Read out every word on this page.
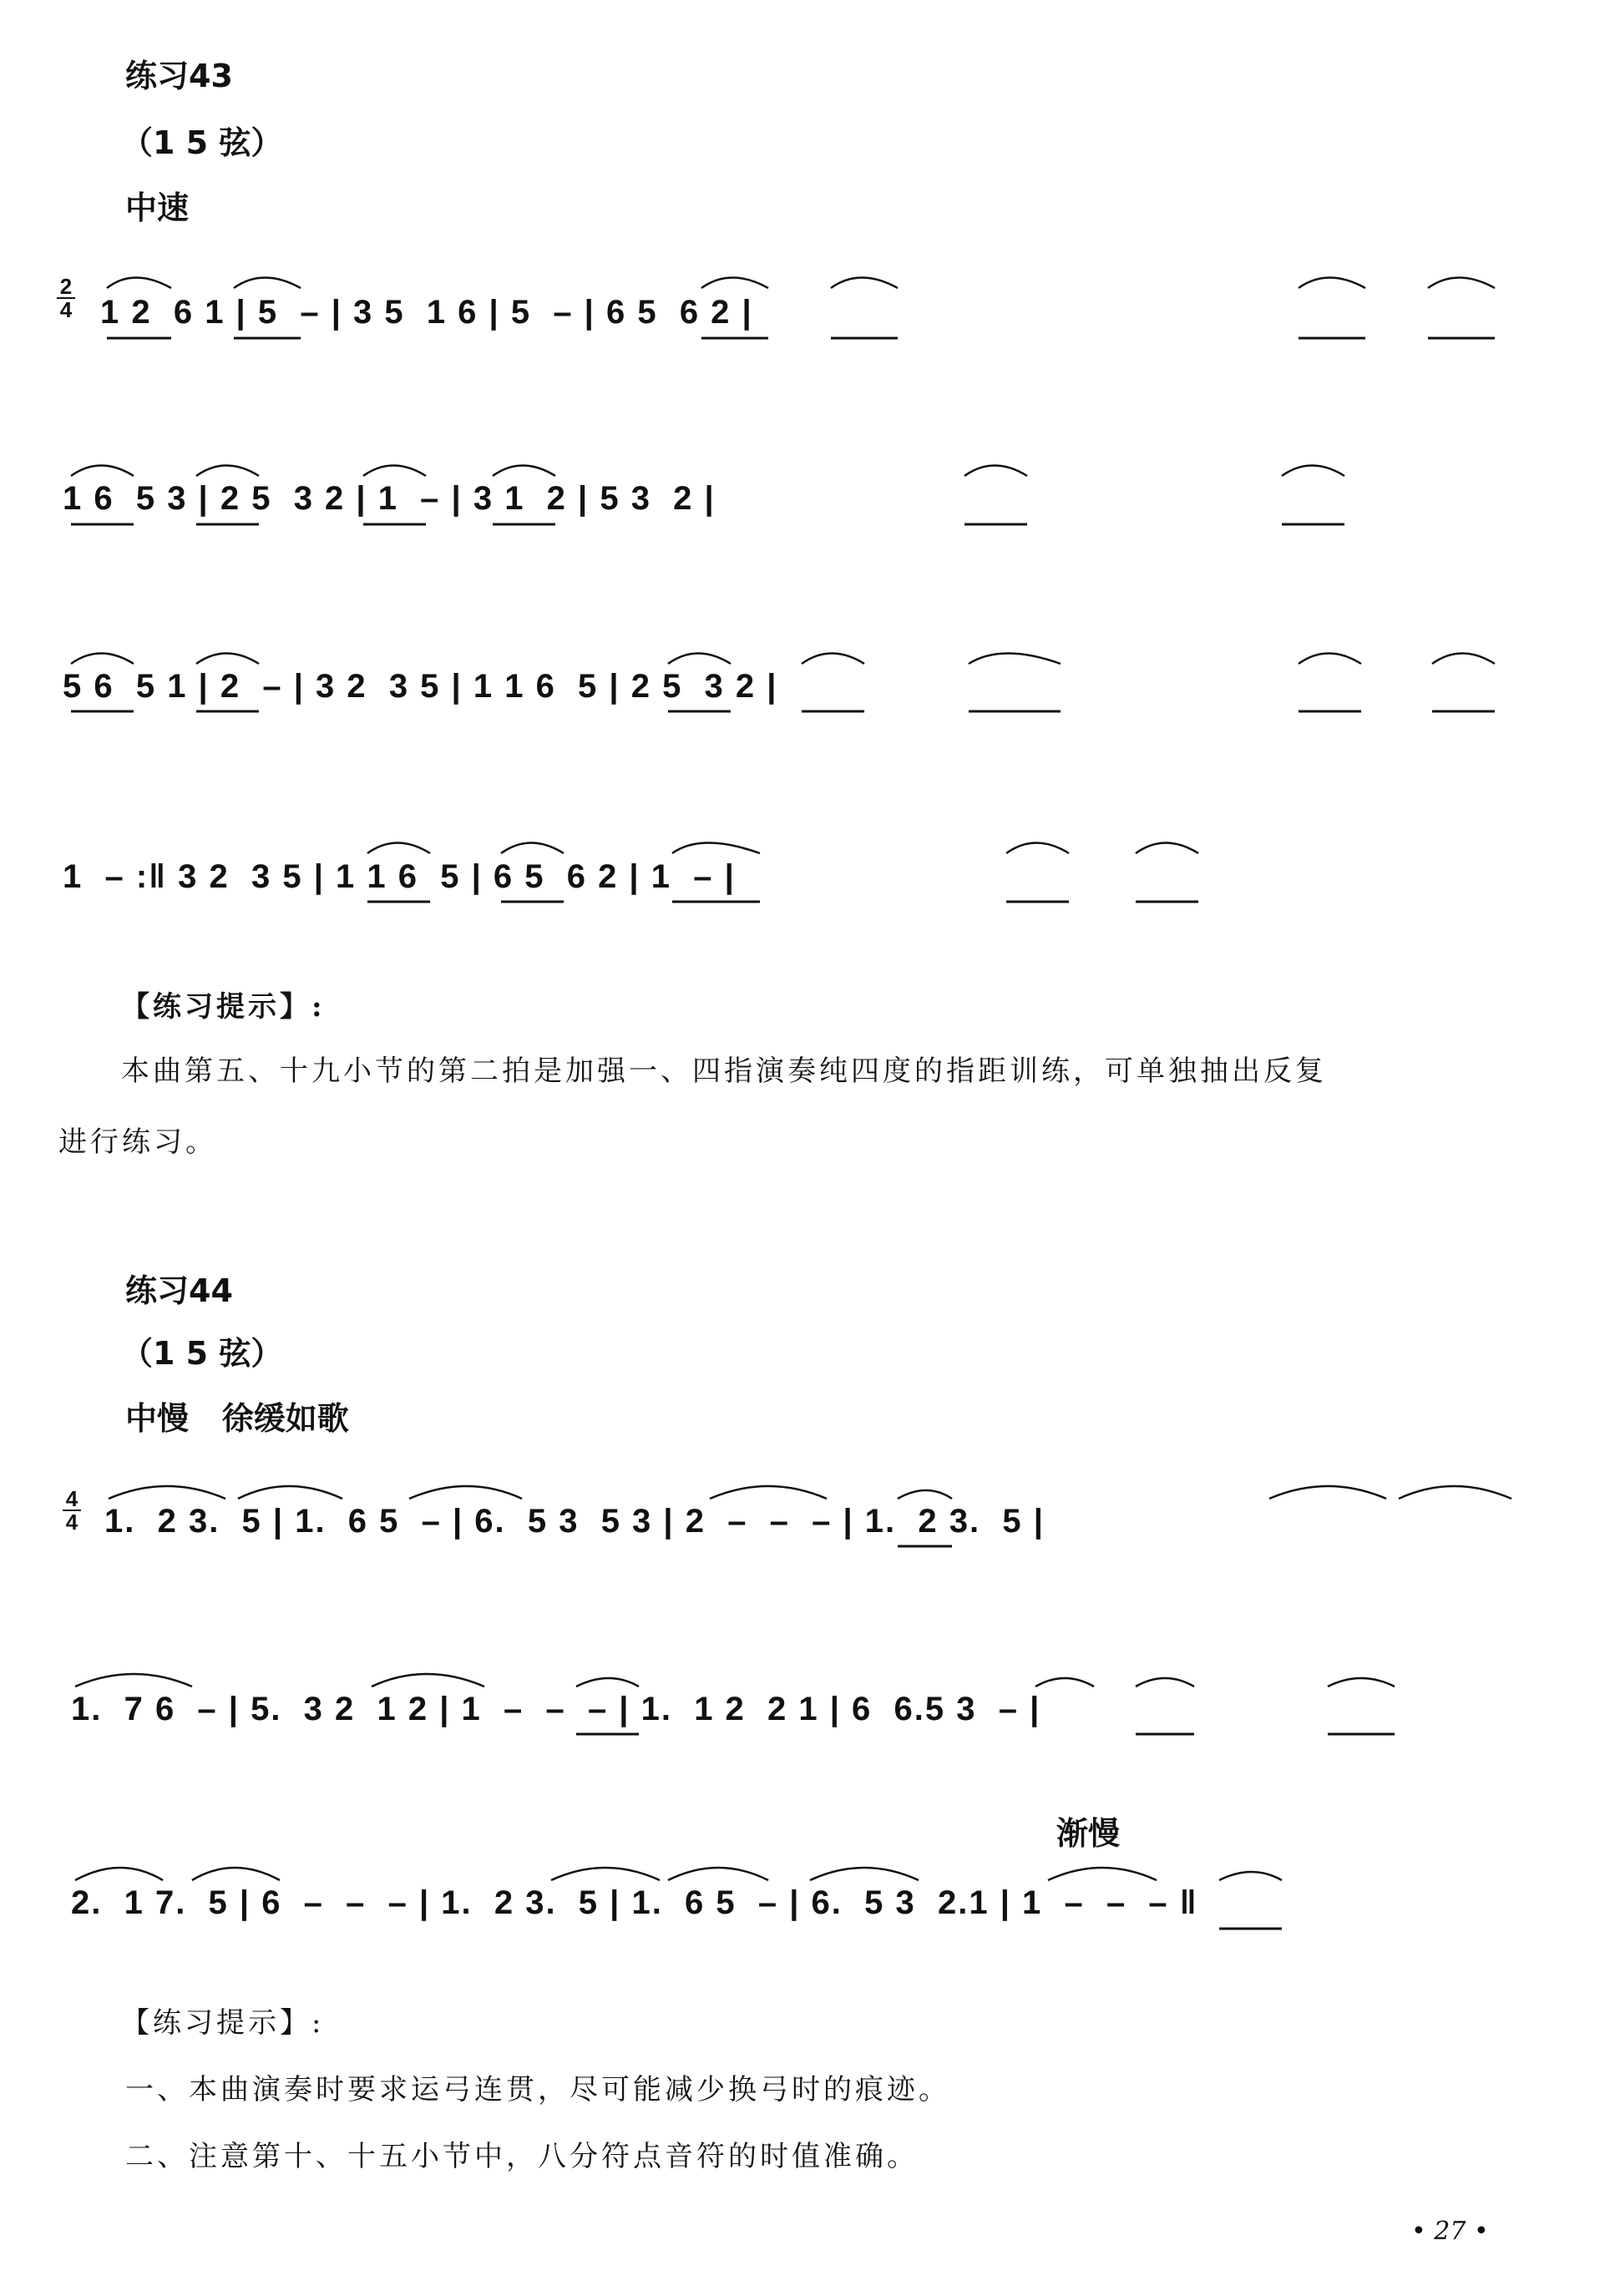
练习43
（1 5 弦）
中速
2
4 1 2  6 1 | 5  – | 3 5  1 6 | 5  – | 6 5  6 2 |
1 6  5 3 | 2 5  3 2 | 1  – | 3 1  2 | 5 3  2 |
5 6  5 1 | 2  – | 3 2  3 5 | 1 1 6  5 | 2 5  3 2 |
1  – :‖ 3 2  3 5 | 1 1 6  5 | 6 5  6 2 | 1  – |
【练习提示】:
本曲第五、十九小节的第二拍是加强一、四指演奏纯四度的指距训练，可单独抽出反复
进行练习。
练习44
（1 5 弦）
中慢   徐缓如歌
4
4 1.  2 3.  5 | 1.  6 5  – | 6.  5 3  5 3 | 2  –  –  – | 1.  2 3.  5 |
1.  7 6  – | 5.  3 2  1 2 | 1  –  –  – | 1.  1 2  2 1 | 6  6.5 3  – |
渐慢
2.  1 7.  5 | 6  –  –  – | 1.  2 3.  5 | 1.  6 5  – | 6.  5 3  2.1 | 1  –  –  – ‖
【练习提示】:
一、本曲演奏时要求运弓连贯，尽可能减少换弓时的痕迹。
二、注意第十、十五小节中，八分符点音符的时值准确。
• 27 •
